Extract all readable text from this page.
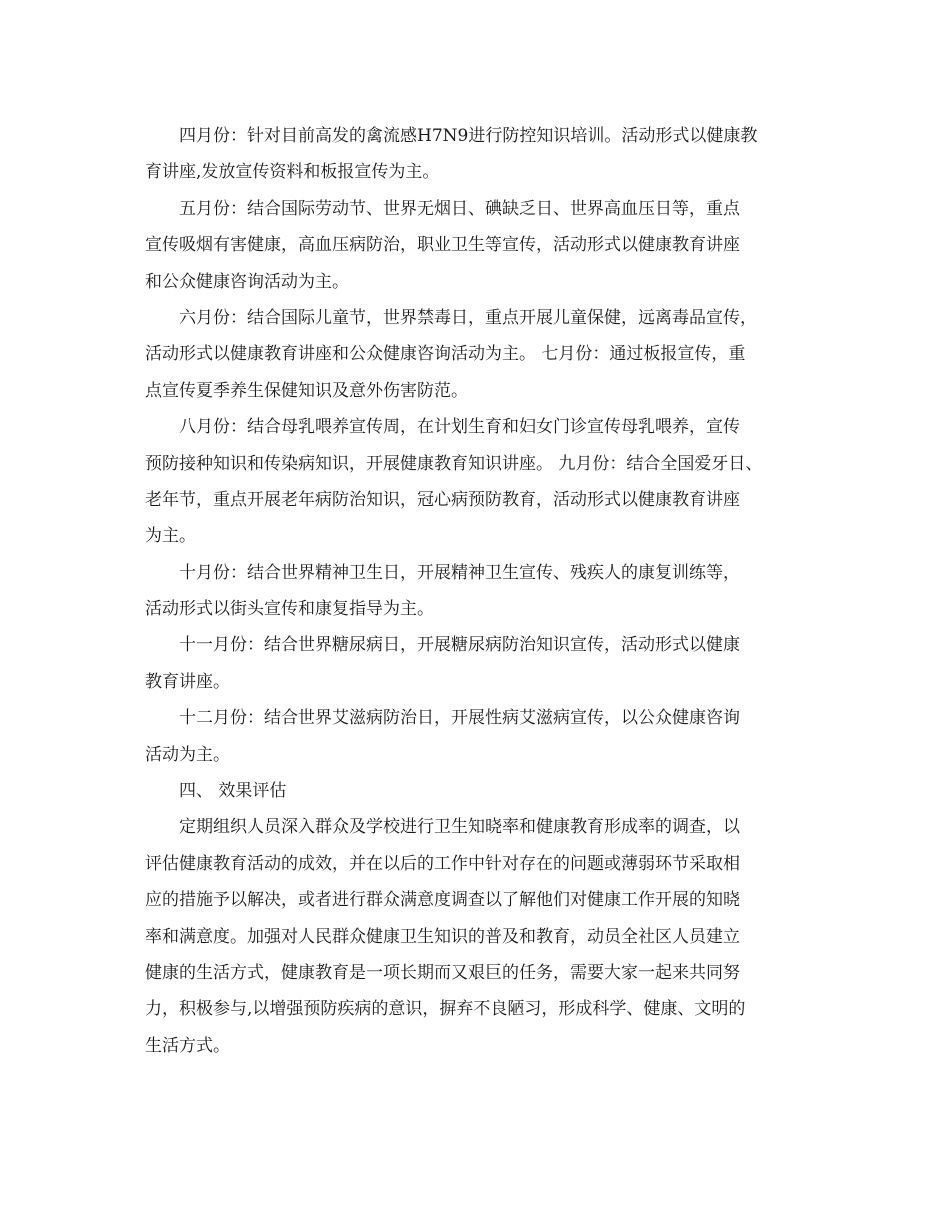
四月份：针对目前高发的禽流感H7N9进行防控知识培训。活动形式以健康教
育讲座,发放宣传资料和板报宣传为主。
五月份：结合国际劳动节、世界无烟日、碘缺乏日、世界高血压日等，重点
宣传吸烟有害健康，高血压病防治，职业卫生等宣传，活动形式以健康教育讲座
和公众健康咨询活动为主。
六月份：结合国际儿童节，世界禁毒日，重点开展儿童保健，远离毒品宣传，
活动形式以健康教育讲座和公众健康咨询活动为主。 七月份：通过板报宣传，重
点宣传夏季养生保健知识及意外伤害防范。
八月份：结合母乳喂养宣传周，在计划生育和妇女门诊宣传母乳喂养，宣传
预防接种知识和传染病知识，开展健康教育知识讲座。 九月份：结合全国爱牙日、
老年节，重点开展老年病防治知识，冠心病预防教育，活动形式以健康教育讲座
为主。
十月份：结合世界精神卫生日，开展精神卫生宣传、残疾人的康复训练等，
活动形式以街头宣传和康复指导为主。
十一月份：结合世界糖尿病日，开展糖尿病防治知识宣传，活动形式以健康
教育讲座。
十二月份：结合世界艾滋病防治日，开展性病艾滋病宣传，以公众健康咨询
活动为主。
四、 效果评估
定期组织人员深入群众及学校进行卫生知晓率和健康教育形成率的调查，以
评估健康教育活动的成效，并在以后的工作中针对存在的问题或薄弱环节采取相
应的措施予以解决，或者进行群众满意度调查以了解他们对健康工作开展的知晓
率和满意度。加强对人民群众健康卫生知识的普及和教育，动员全社区人员建立
健康的生活方式，健康教育是一项长期而又艰巨的任务，需要大家一起来共同努
力，积极参与,以增强预防疾病的意识，摒弃不良陋习，形成科学、健康、文明的
生活方式。
